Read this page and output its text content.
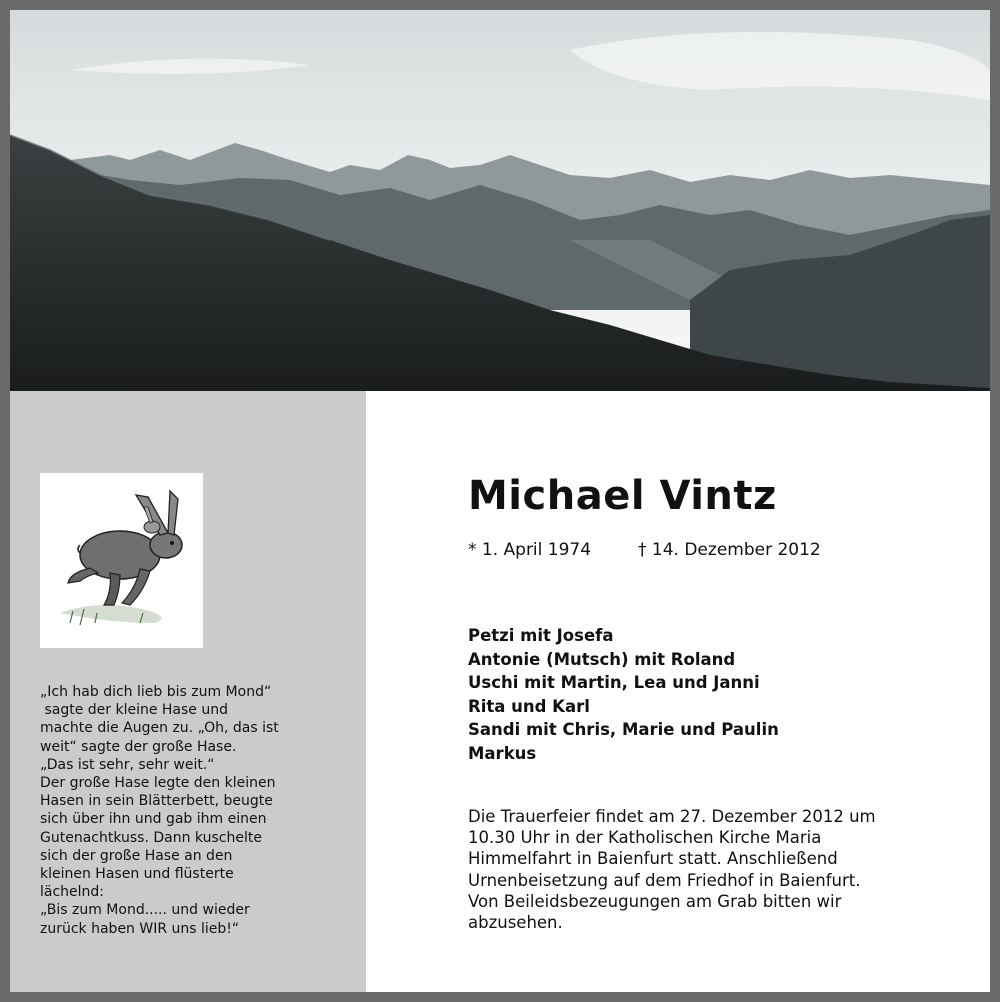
„Ich hab dich lieb bis zum Mond“
sagte der kleine Hase und
machte die Augen zu. „Oh, das ist
weit“ sagte der große Hase.
„Das ist sehr, sehr weit.“
Der große Hase legte den kleinen
Hasen in sein Blätterbett, beugte
sich über ihn und gab ihm einen
Gutenachtkuss. Dann kuschelte
sich der große Hase an den
kleinen Hasen und flüsterte
lächelnd:
„Bis zum Mond..... und wieder
zurück haben WIR uns lieb!“
Michael Vintz
* 1. April 1974	† 14. Dezember 2012
Petzi mit Josefa
Antonie (Mutsch) mit Roland
Uschi mit Martin, Lea und Janni
Rita und Karl
Sandi mit Chris, Marie und Paulin
Markus
Die Trauerfeier findet am 27. Dezember 2012 um
10.30 Uhr in der Katholischen Kirche Maria
Himmelfahrt in Baienfurt statt. Anschließend
Urnenbeisetzung auf dem Friedhof in Baienfurt.
Von Beileidsbezeugungen am Grab bitten wir
abzusehen.
